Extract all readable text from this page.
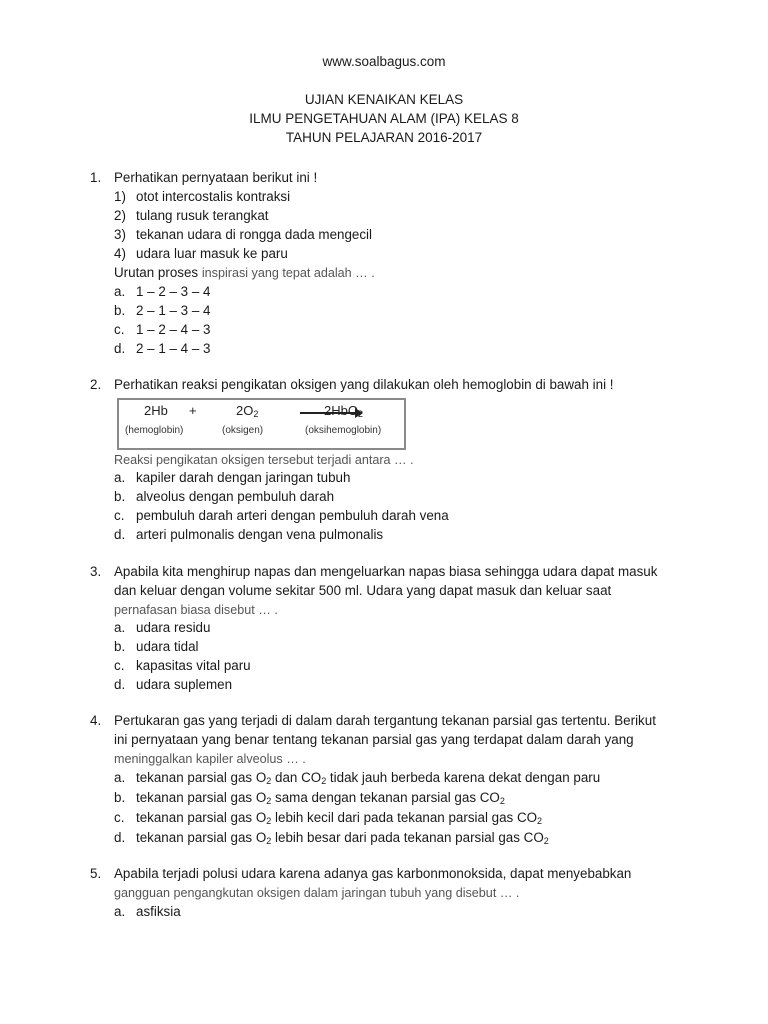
www.soalbagus.com
UJIAN KENAIKAN KELAS
ILMU PENGETAHUAN ALAM (IPA) KELAS 8
TAHUN PELAJARAN 2016-2017
1. Perhatikan pernyataan berikut ini !
1) otot intercostalis kontraksi
2) tulang rusuk terangkat
3) tekanan udara di rongga dada mengecil
4) udara luar masuk ke paru
Urutan proses inspirasi yang tepat adalah … .
a. 1 – 2 – 3 – 4
b. 2 – 1 – 3 – 4
c. 1 – 2 – 4 – 3
d. 2 – 1 – 4 – 3
2. Perhatikan reaksi pengikatan oksigen yang dilakukan oleh hemoglobin di bawah ini !
2Hb +	$2O_2$	2HbO$_2$
(hemoglobin)	(oksigen)	(oksihemoglobin)
Reaksi pengikatan oksigen tersebut terjadi antara … .
a. kapiler darah dengan jaringan tubuh
b. alveolus dengan pembuluh darah
c. pembuluh darah arteri dengan pembuluh darah vena
d. arteri pulmonalis dengan vena pulmonalis
3. Apabila kita menghirup napas dan mengeluarkan napas biasa sehingga udara dapat masuk
dan keluar dengan volume sekitar 500 ml. Udara yang dapat masuk dan keluar saat
pernafasan biasa disebut … .
a. udara residu
b. udara tidal
c. kapasitas vital paru
d. udara suplemen
4. Pertukaran gas yang terjadi di dalam darah tergantung tekanan parsial gas tertentu. Berikut
ini pernyataan yang benar tentang tekanan parsial gas yang terdapat dalam darah yang
meninggalkan kapiler alveolus … .
a. tekanan parsial gas $O_2$ dan $CO_2$ tidak jauh berbeda karena dekat dengan paru
b. tekanan parsial gas $O_2$ sama dengan tekanan parsial gas $CO_2$
c. tekanan parsial gas $O_2$ lebih kecil dari pada tekanan parsial gas $CO_2$
d. tekanan parsial gas $O_2$ lebih besar dari pada tekanan parsial gas $CO_2$
5. Apabila terjadi polusi udara karena adanya gas karbonmonoksida, dapat menyebabkan
gangguan pengangkutan oksigen dalam jaringan tubuh yang disebut … .
a. asfiksia
